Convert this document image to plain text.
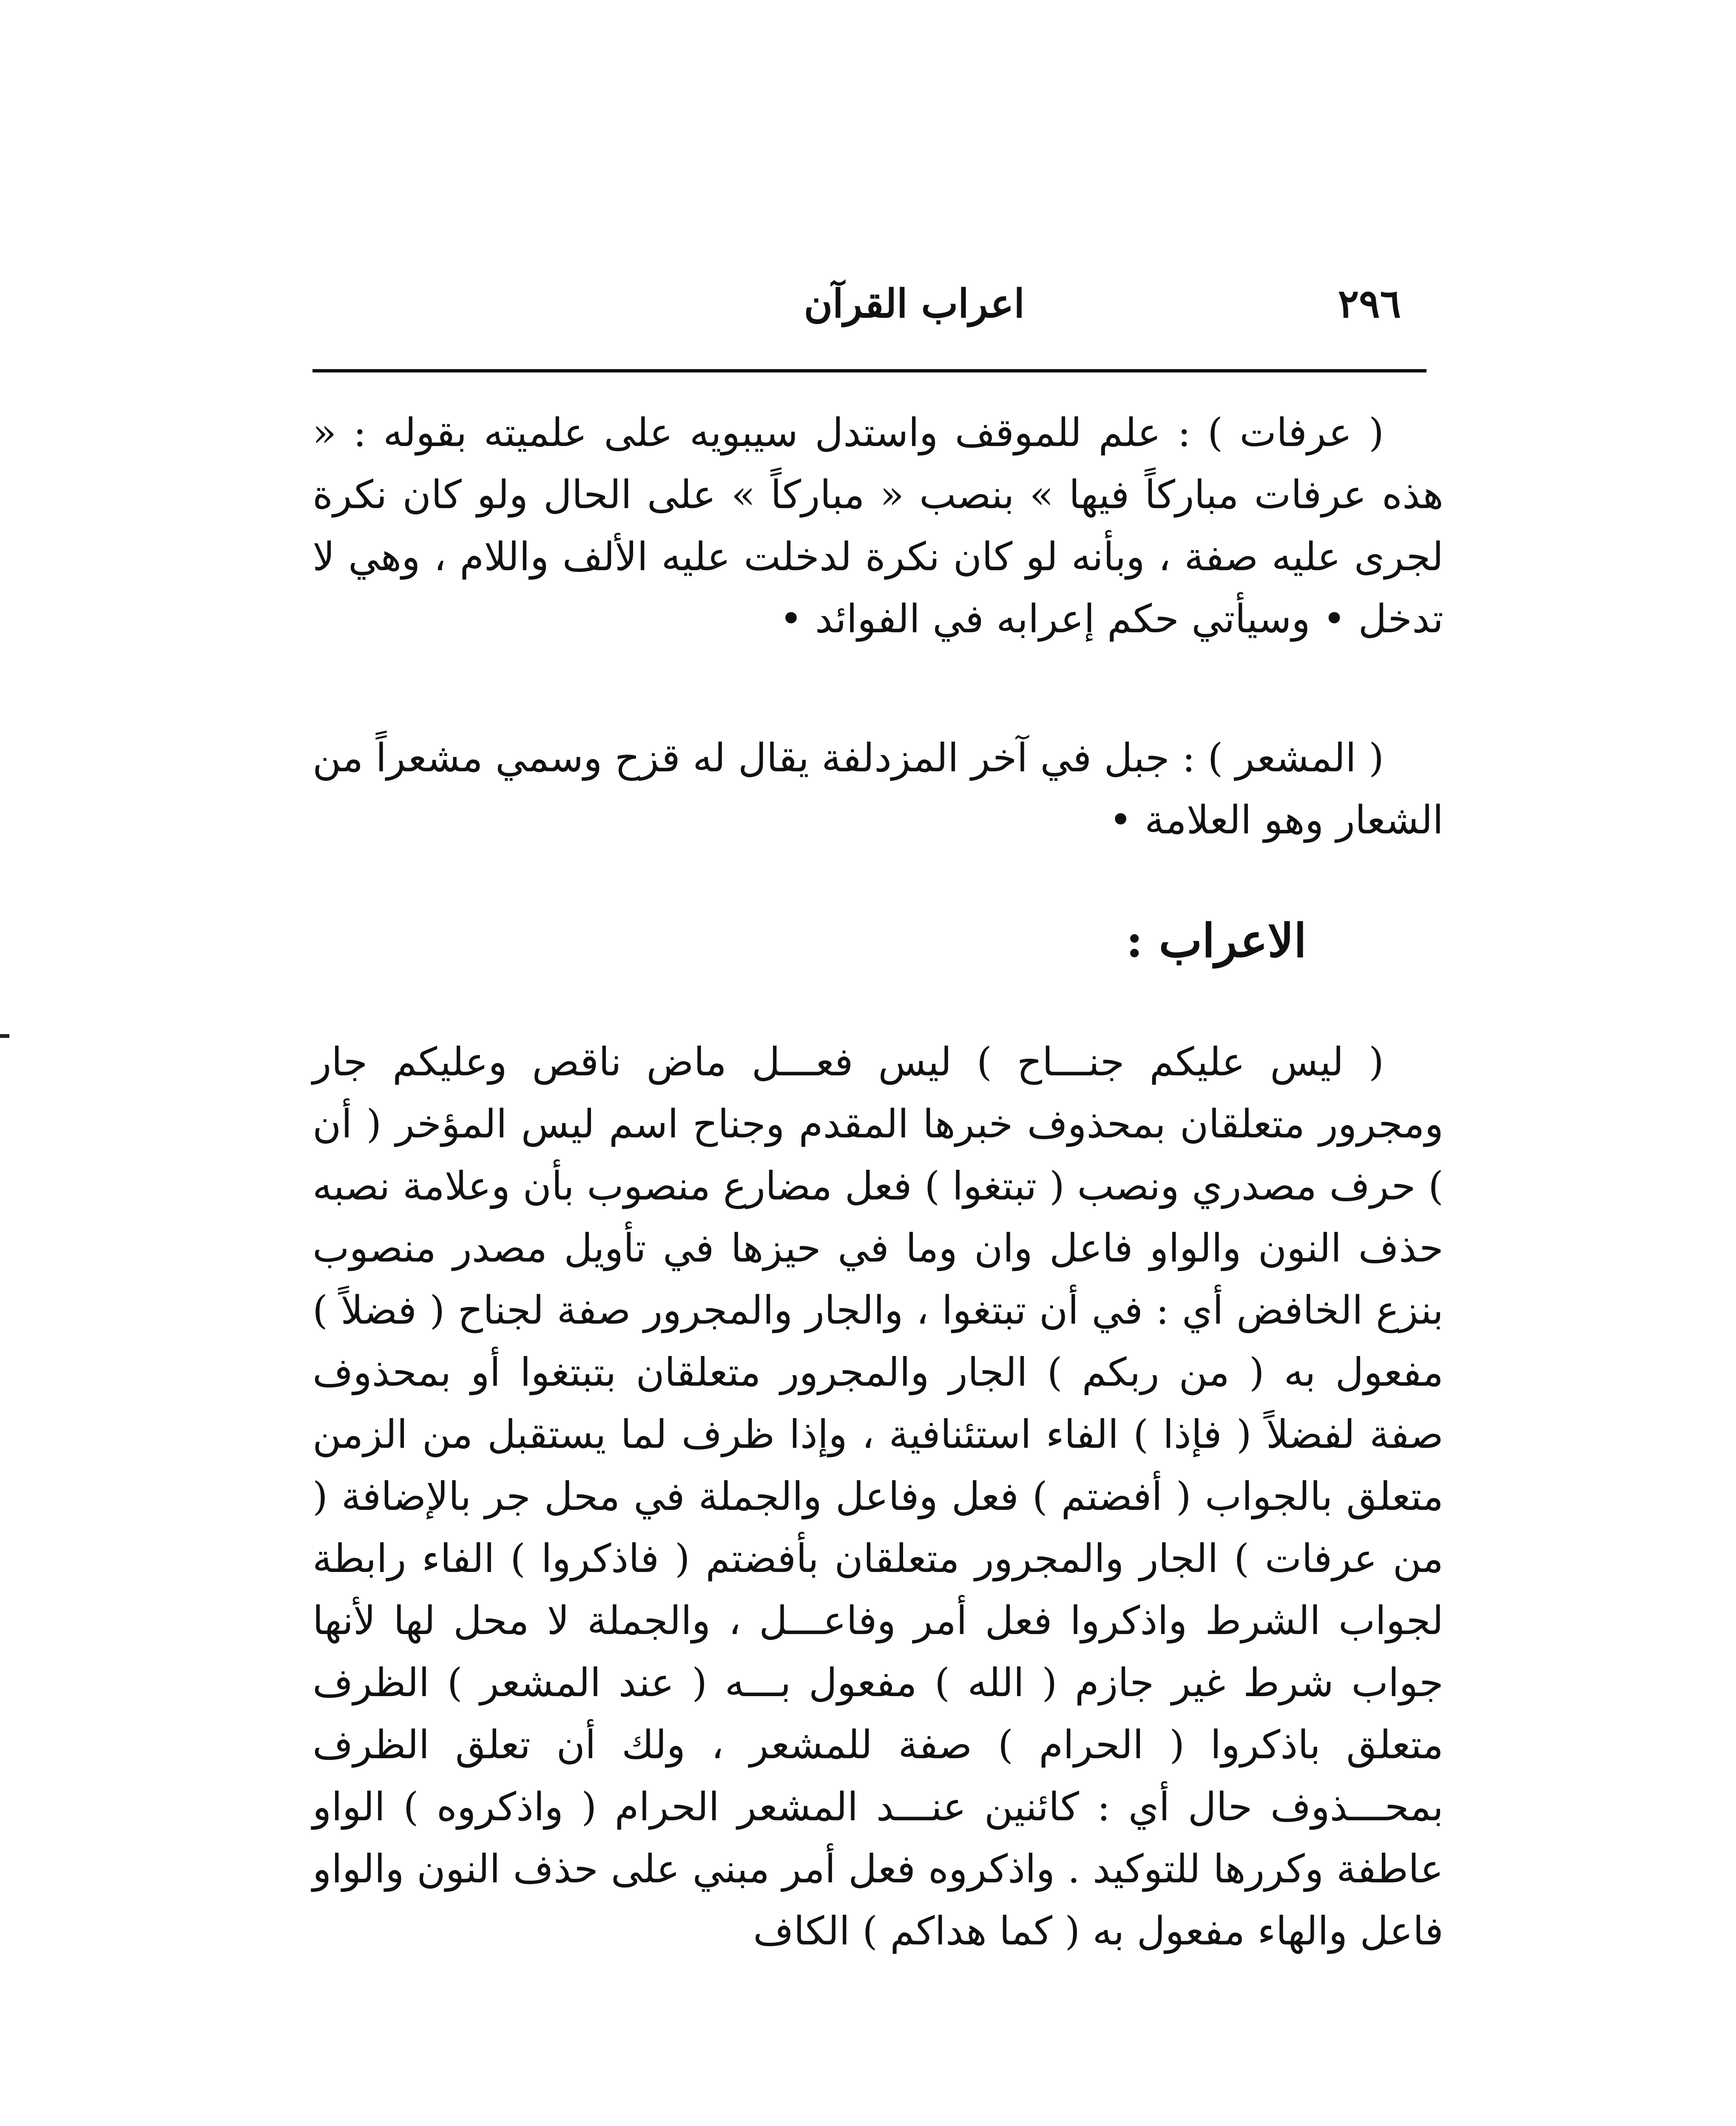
٢٩٦
اعراب القرآن

( عرفات ) : علم للموقف واستدل سيبويه على علميته بقوله : « هذه عرفات مباركاً فيها » بنصب « مباركاً » على الحال ولو كان نكرة لجرى عليه صفة ، وبأنه لو كان نكرة لدخلت عليه الألف واللام ، وهي لا تدخل • وسيأتي حكم إعرابه في الفوائد •

( المشعر ) : جبل في آخر المزدلفة يقال له قزح وسمي مشعراً من الشعار وهو العلامة •

الاعراب :

( ليس عليكم جنـــاح ) ليس فعـــل ماض ناقص وعليكم جار ومجرور متعلقان بمحذوف خبرها المقدم وجناح اسم ليس المؤخر ( أن ) حرف مصدري ونصب ( تبتغوا ) فعل مضارع منصوب بأن وعلامة نصبه حذف النون والواو فاعل وان وما في حيزها في تأويل مصدر منصوب بنزع الخافض أي : في أن تبتغوا ، والجار والمجرور صفة لجناح ( فضلاً ) مفعول به ( من ربكم ) الجار والمجرور متعلقان بتبتغوا أو بمحذوف صفة لفضلاً ( فإذا ) الفاء استئنافية ، وإذا ظرف لما يستقبل من الزمن متعلق بالجواب ( أفضتم ) فعل وفاعل والجملة في محل جر بالإضافة ( من عرفات ) الجار والمجرور متعلقان بأفضتم ( فاذكروا ) الفاء رابطة لجواب الشرط واذكروا فعل أمر وفاعـــل ، والجملة لا محل لها لأنها جواب شرط غير جازم ( الله ) مفعول بـــه ( عند المشعر ) الظرف متعلق باذكروا ( الحرام ) صفة للمشعر ، ولك أن تعلق الظرف بمحـــذوف حال أي : كائنين عنـــد المشعر الحرام ( واذكروه ) الواو عاطفة وكررها للتوكيد . واذكروه فعل أمر مبني على حذف النون والواو فاعل والهاء مفعول به ( كما هداكم ) الكاف
